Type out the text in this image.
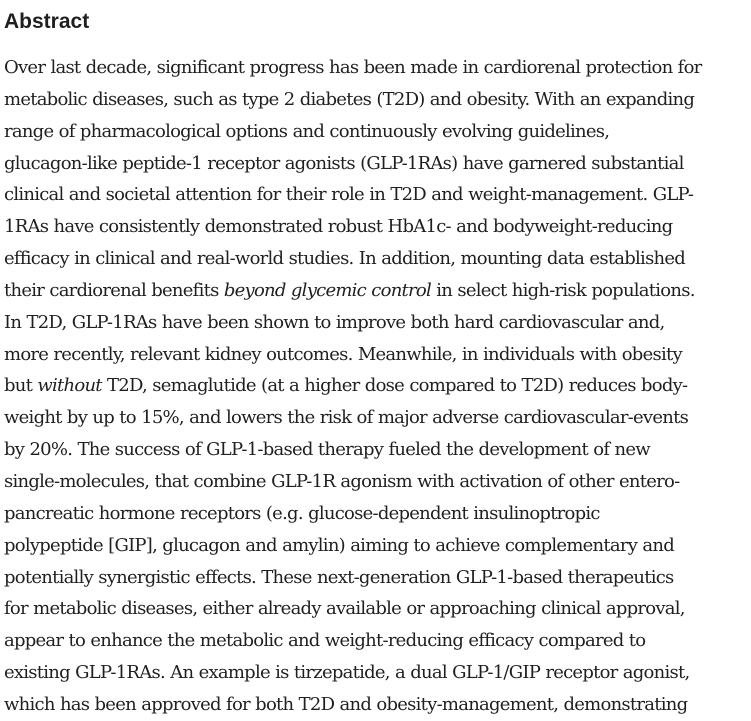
Abstract
Over last decade, significant progress has been made in cardiorenal protection for
metabolic diseases, such as type 2 diabetes (T2D) and obesity. With an expanding
range of pharmacological options and continuously evolving guidelines,
glucagon-like peptide-1 receptor agonists (GLP-1RAs) have garnered substantial
clinical and societal attention for their role in T2D and weight-management. GLP-
1RAs have consistently demonstrated robust HbA1c- and bodyweight-reducing
efficacy in clinical and real-world studies. In addition, mounting data established
their cardiorenal benefits beyond glycemic control in select high-risk populations.
In T2D, GLP-1RAs have been shown to improve both hard cardiovascular and,
more recently, relevant kidney outcomes. Meanwhile, in individuals with obesity
but without T2D, semaglutide (at a higher dose compared to T2D) reduces body-
weight by up to 15%, and lowers the risk of major adverse cardiovascular-events
by 20%. The success of GLP-1-based therapy fueled the development of new
single-molecules, that combine GLP-1R agonism with activation of other entero-
pancreatic hormone receptors (e.g. glucose-dependent insulinoptropic
polypeptide [GIP], glucagon and amylin) aiming to achieve complementary and
potentially synergistic effects. These next-generation GLP-1-based therapeutics
for metabolic diseases, either already available or approaching clinical approval,
appear to enhance the metabolic and weight-reducing efficacy compared to
existing GLP-1RAs. An example is tirzepatide, a dual GLP-1/GIP receptor agonist,
which has been approved for both T2D and obesity-management, demonstrating
